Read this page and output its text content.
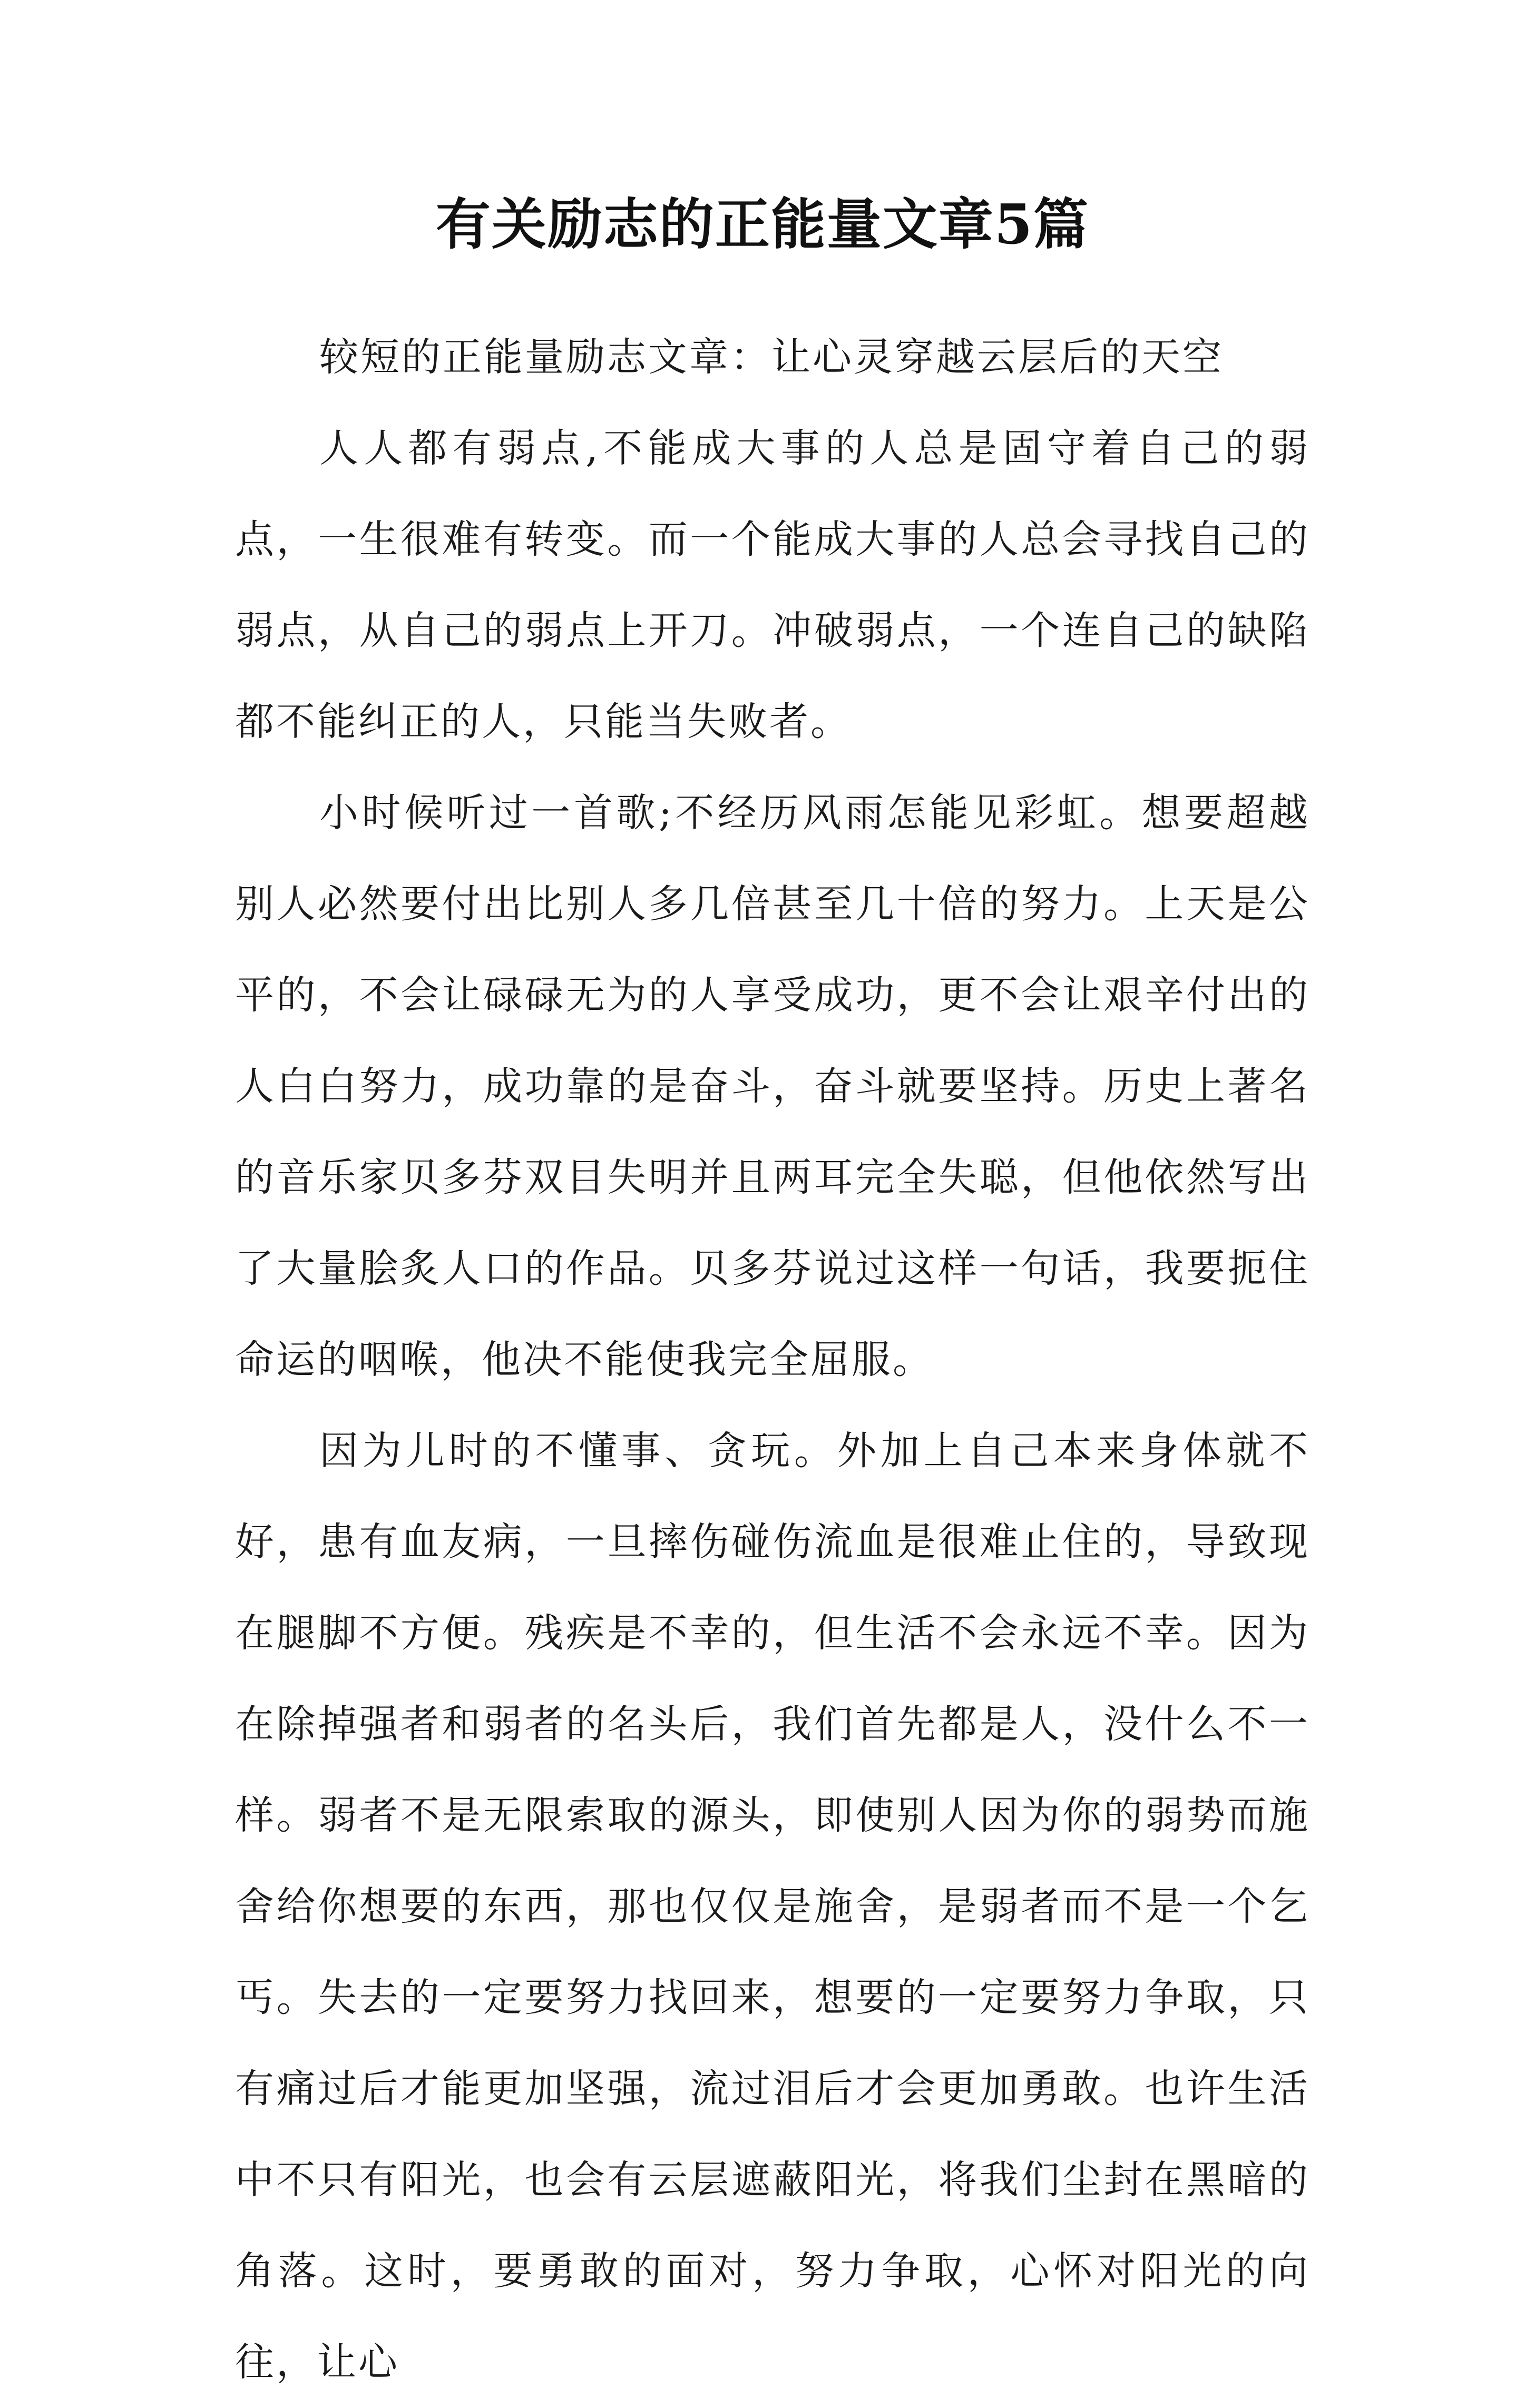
有关励志的正能量文章5篇

较短的正能量励志文章：让心灵穿越云层后的天空

人人都有弱点,不能成大事的人总是固守着自己的弱点，一生很难有转变。而一个能成大事的人总会寻找自己的弱点，从自己的弱点上开刀。冲破弱点，一个连自己的缺陷都不能纠正的人，只能当失败者。

小时候听过一首歌;不经历风雨怎能见彩虹。想要超越别人必然要付出比别人多几倍甚至几十倍的努力。上天是公平的，不会让碌碌无为的人享受成功，更不会让艰辛付出的人白白努力，成功靠的是奋斗，奋斗就要坚持。历史上著名的音乐家贝多芬双目失明并且两耳完全失聪，但他依然写出了大量脍炙人口的作品。贝多芬说过这样一句话，我要扼住命运的咽喉，他决不能使我完全屈服。

因为儿时的不懂事、贪玩。外加上自己本来身体就不好，患有血友病，一旦摔伤碰伤流血是很难止住的，导致现在腿脚不方便。残疾是不幸的，但生活不会永远不幸。因为在除掉强者和弱者的名头后，我们首先都是人，没什么不一样。弱者不是无限索取的源头，即使别人因为你的弱势而施舍给你想要的东西，那也仅仅是施舍，是弱者而不是一个乞丐。失去的一定要努力找回来，想要的一定要努力争取，只有痛过后才能更加坚强，流过泪后才会更加勇敢。也许生活中不只有阳光，也会有云层遮蔽阳光，将我们尘封在黑暗的角落。这时，要勇敢的面对，努力争取，心怀对阳光的向往，让心
